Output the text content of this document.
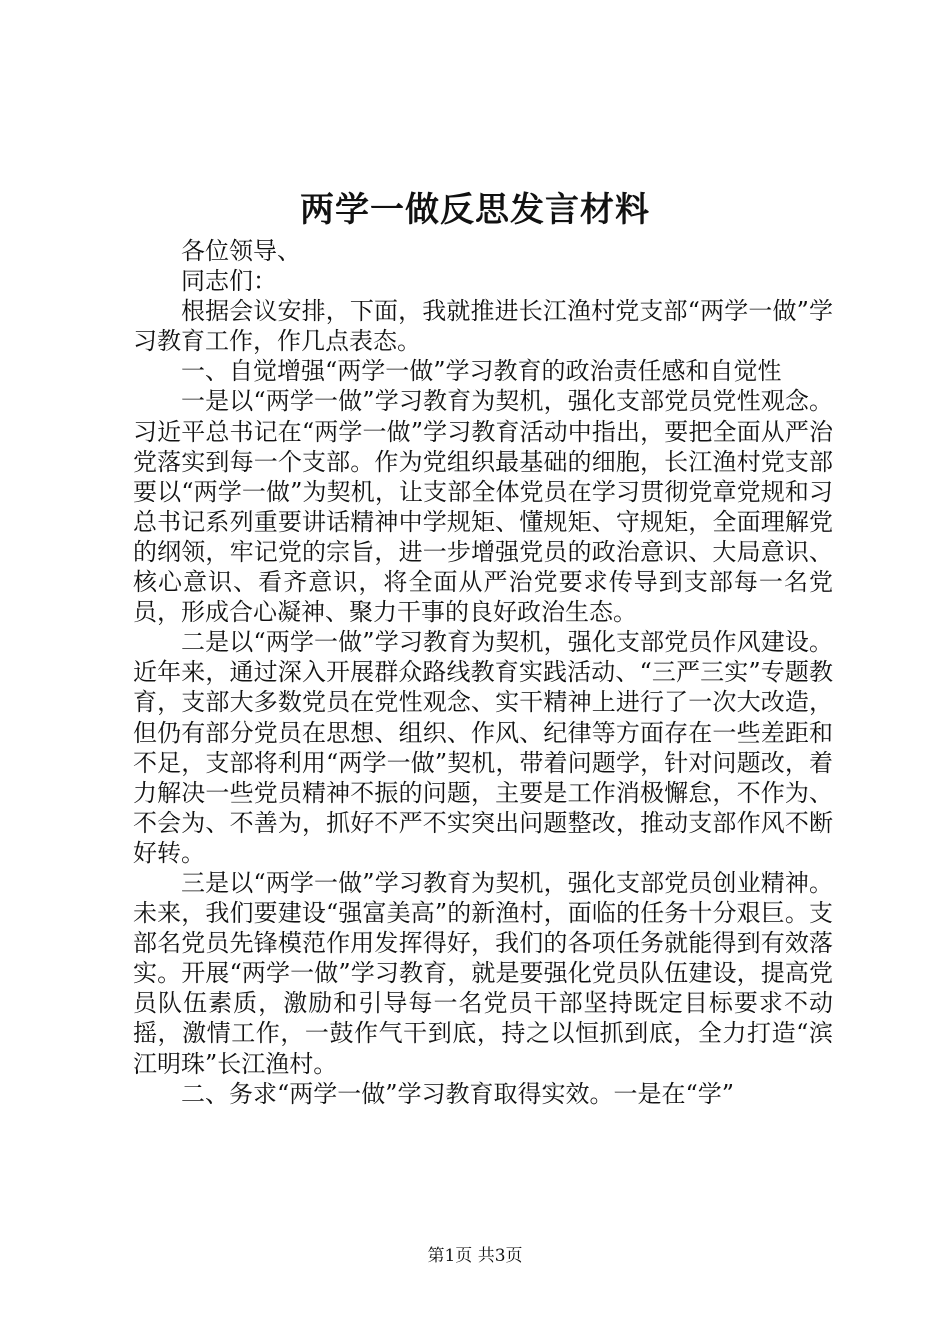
两学一做反思发言材料

各位领导、

同志们：

根据会议安排，下面，我就推进长江渔村党支部“两学一做”学习教育工作，作几点表态。

一、自觉增强“两学一做”学习教育的政治责任感和自觉性

一是以“两学一做”学习教育为契机，强化支部党员党性观念。习近平总书记在“两学一做”学习教育活动中指出，要把全面从严治党落实到每一个支部。作为党组织最基础的细胞，长江渔村党支部要以“两学一做”为契机，让支部全体党员在学习贯彻党章党规和习总书记系列重要讲话精神中学规矩、懂规矩、守规矩，全面理解党的纲领，牢记党的宗旨，进一步增强党员的政治意识、大局意识、核心意识、看齐意识，将全面从严治党要求传导到支部每一名党员，形成合心凝神、聚力干事的良好政治生态。

二是以“两学一做”学习教育为契机，强化支部党员作风建设。近年来，通过深入开展群众路线教育实践活动、“三严三实”专题教育，支部大多数党员在党性观念、实干精神上进行了一次大改造，但仍有部分党员在思想、组织、作风、纪律等方面存在一些差距和不足，支部将利用“两学一做”契机，带着问题学，针对问题改，着力解决一些党员精神不振的问题，主要是工作消极懈怠，不作为、不会为、不善为，抓好不严不实突出问题整改，推动支部作风不断好转。

三是以“两学一做”学习教育为契机，强化支部党员创业精神。未来，我们要建设“强富美高”的新渔村，面临的任务十分艰巨。支部名党员先锋模范作用发挥得好，我们的各项任务就能得到有效落实。开展“两学一做”学习教育，就是要强化党员队伍建设，提高党员队伍素质，激励和引导每一名党员干部坚持既定目标要求不动摇，激情工作，一鼓作气干到底，持之以恒抓到底，全力打造“滨江明珠”长江渔村。

二、务求“两学一做”学习教育取得实效。一是在“学”

第1页 共3页
